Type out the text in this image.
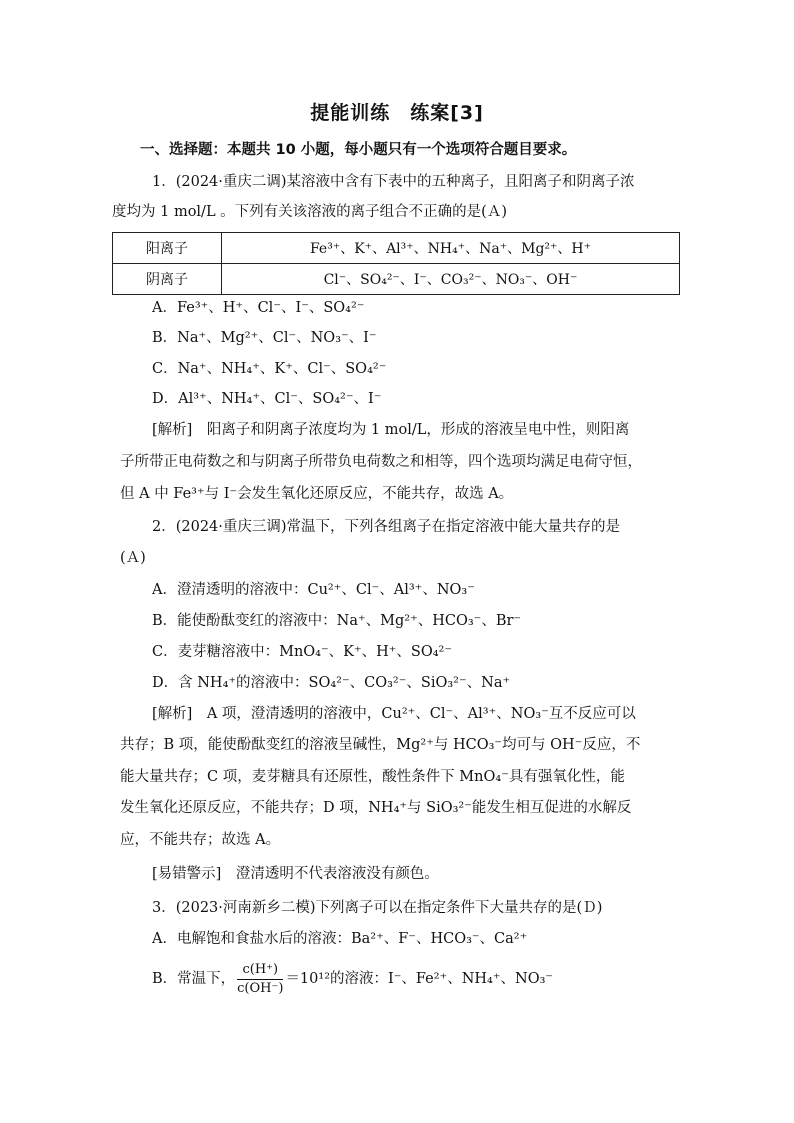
提能训练　练案[3]
一、选择题：本题共 10 小题，每小题只有一个选项符合题目要求。
1．(2024·重庆二调)某溶液中含有下表中的五种离子，且阳离子和阴离子浓
度均为 1 mol/L 。下列有关该溶液的离子组合不正确的是(Ａ)
阳离子	Fe³⁺、K⁺、Al³⁺、NH₄⁺、Na⁺、Mg²⁺、H⁺
阴离子	Cl⁻、SO₄²⁻、I⁻、CO₃²⁻、NO₃⁻、OH⁻
A．Fe³⁺、H⁺、Cl⁻、I⁻、SO₄²⁻
B．Na⁺、Mg²⁺、Cl⁻、NO₃⁻、I⁻
C．Na⁺、NH₄⁺、K⁺、Cl⁻、SO₄²⁻
D．Al³⁺、NH₄⁺、Cl⁻、SO₄²⁻、I⁻
[解析]　阳离子和阴离子浓度均为 1 mol/L，形成的溶液呈电中性，则阳离
子所带正电荷数之和与阴离子所带负电荷数之和相等，四个选项均满足电荷守恒，
但 A 中 Fe³⁺与 I⁻会发生氧化还原反应，不能共存，故选 A。
2．(2024·重庆三调)常温下，下列各组离子在指定溶液中能大量共存的是
(Ａ)
A．澄清透明的溶液中：Cu²⁺、Cl⁻、Al³⁺、NO₃⁻
B．能使酚酞变红的溶液中：Na⁺、Mg²⁺、HCO₃⁻、Br⁻
C．麦芽糖溶液中：MnO₄⁻、K⁺、H⁺、SO₄²⁻
D．含 NH₄⁺的溶液中：SO₄²⁻、CO₃²⁻、SiO₃²⁻、Na⁺
[解析]　A 项，澄清透明的溶液中，Cu²⁺、Cl⁻、Al³⁺、NO₃⁻互不反应可以
共存；B 项，能使酚酞变红的溶液呈碱性，Mg²⁺与 HCO₃⁻均可与 OH⁻反应，不
能大量共存；C 项，麦芽糖具有还原性，酸性条件下 MnO₄⁻具有强氧化性，能
发生氧化还原反应，不能共存；D 项，NH₄⁺与 SiO₃²⁻能发生相互促进的水解反
应，不能共存；故选 A。
[易错警示]　澄清透明不代表溶液没有颜色。
3．(2023·河南新乡二模)下列离子可以在指定条件下大量共存的是(Ｄ)
A．电解饱和食盐水后的溶液：Ba²⁺、F⁻、HCO₃⁻、Ca²⁺
B．常温下， $\frac{c(H^+)}{c(OH^-)} =10^{12}$的溶液：I⁻、Fe²⁺、NH₄⁺、NO₃⁻
